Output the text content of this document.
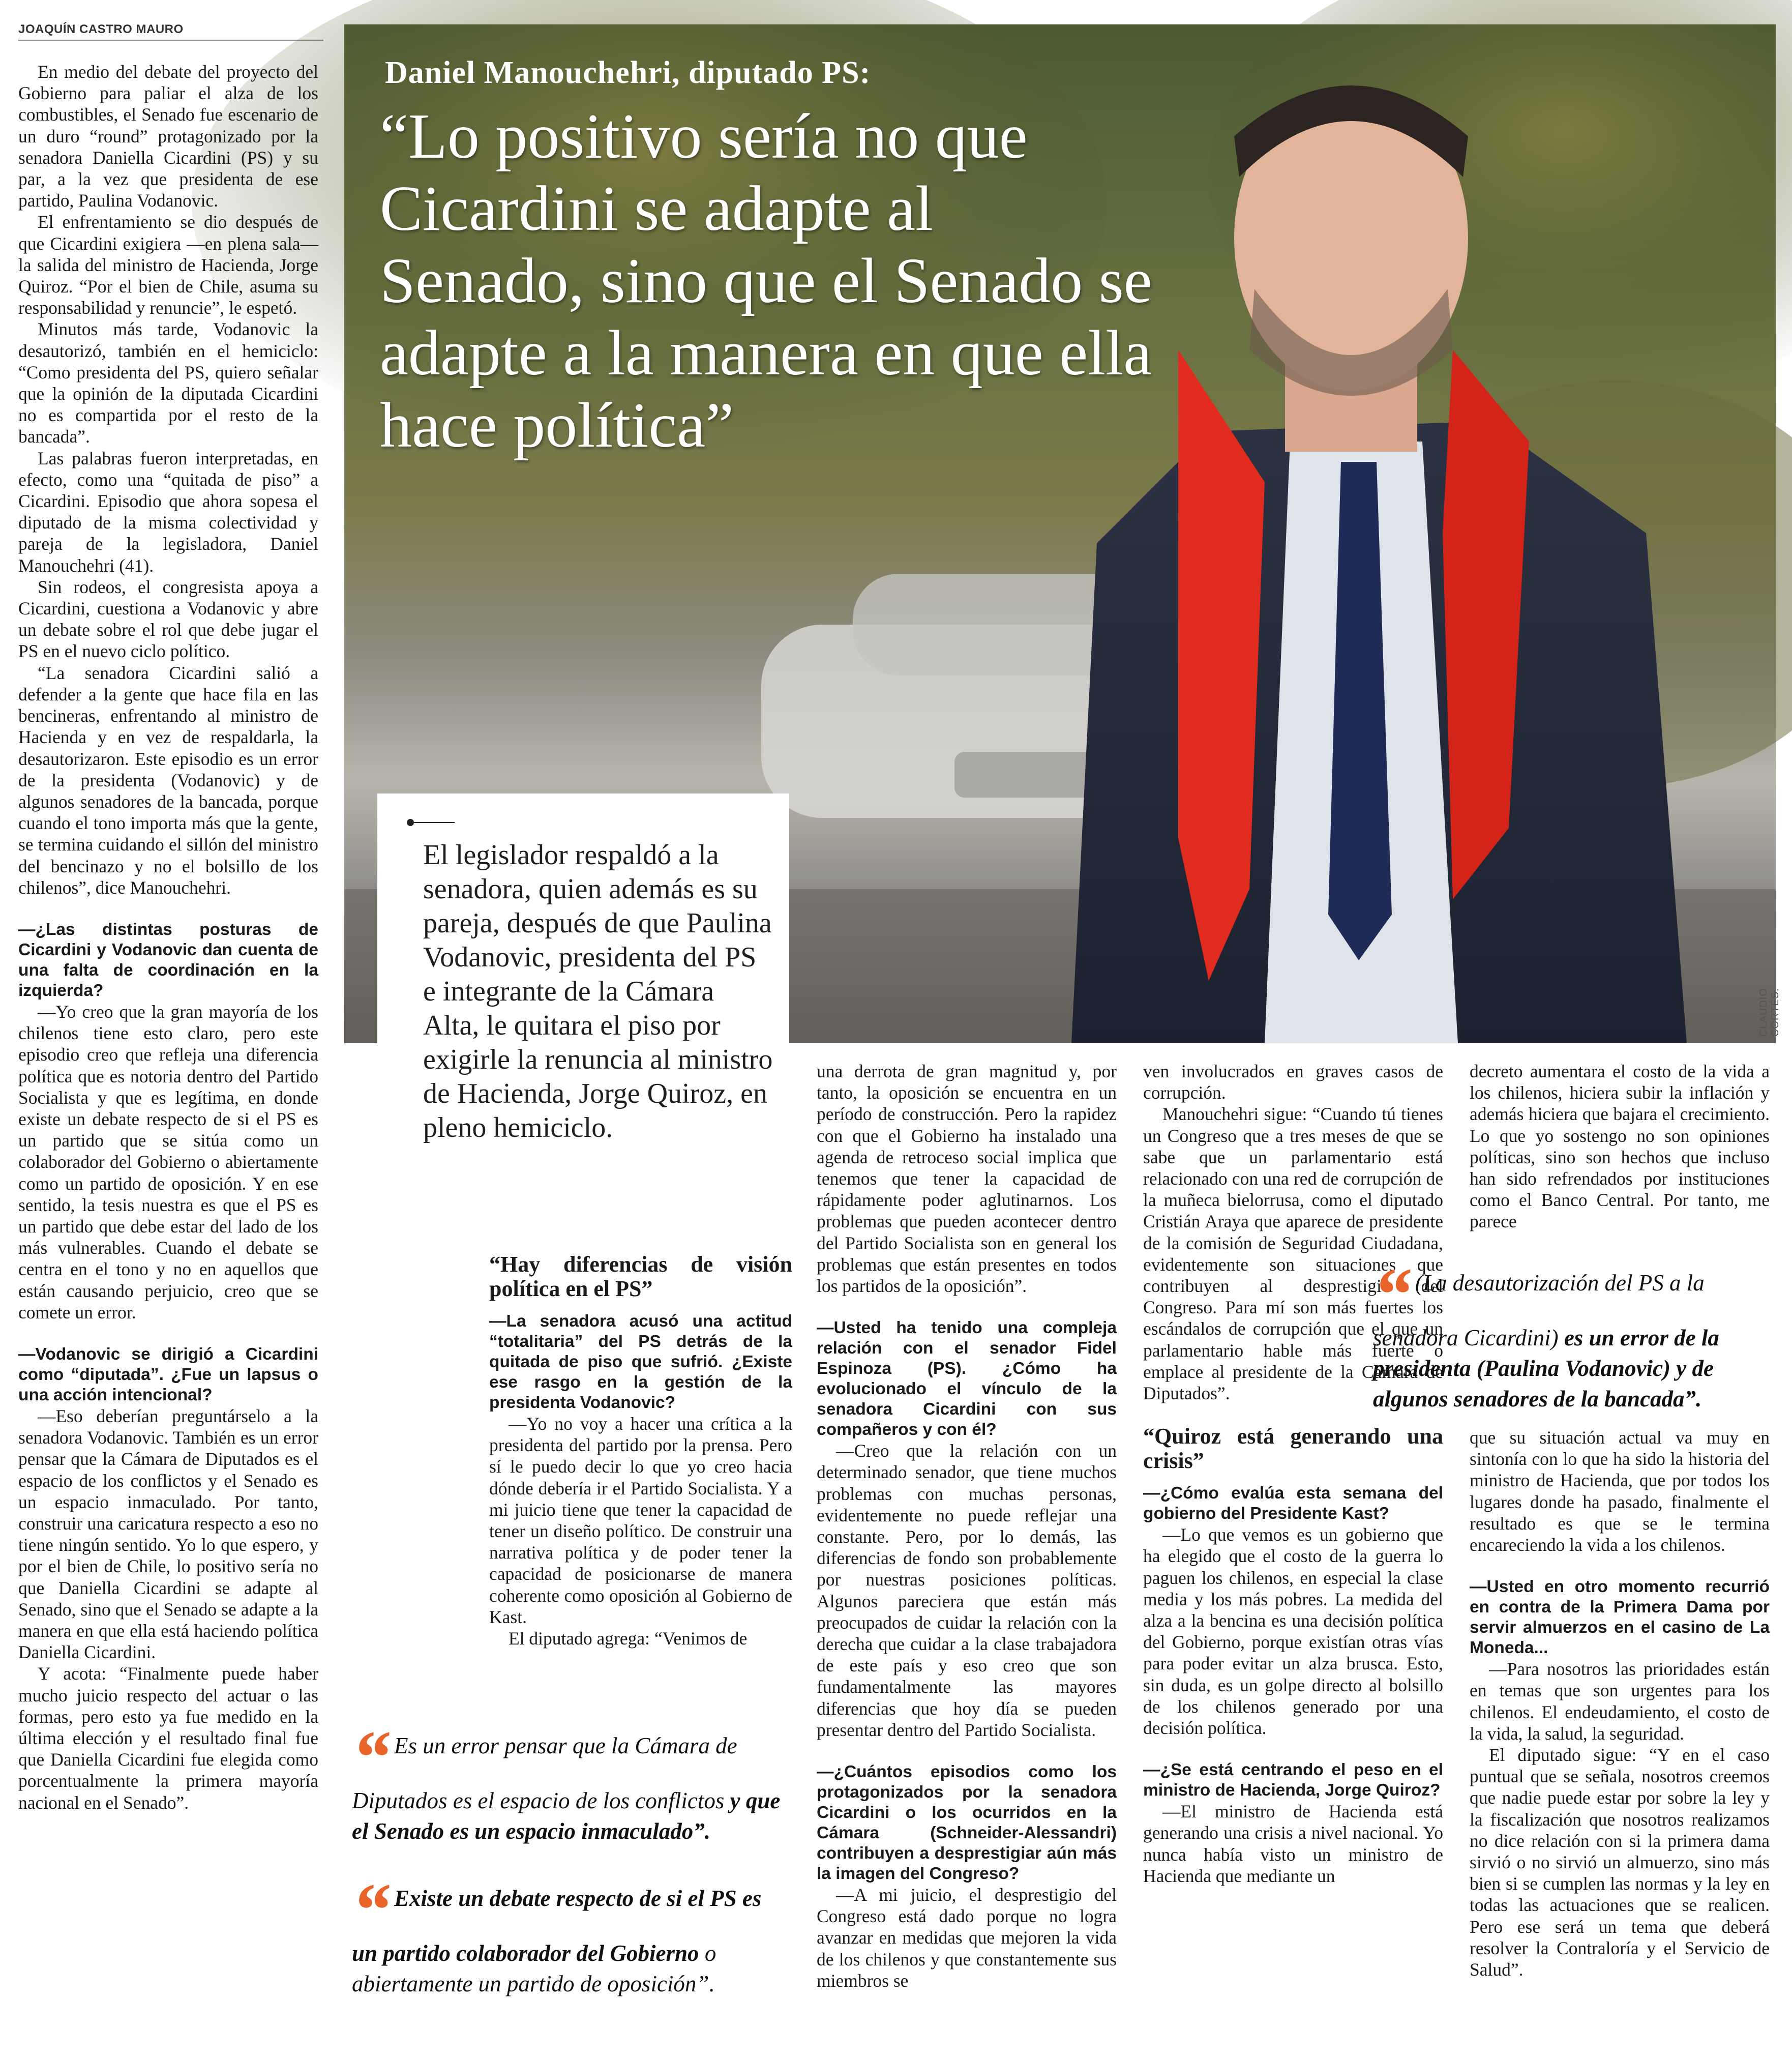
JOAQUÍN CASTRO MAURO
Daniel Manouchehri, diputado PS:
“Lo positivo sería no que Cicardini se adapte al Senado, sino que el Senado se adapte a la manera en que ella hace política”
CLAUDIO CORTÉS.
El legislador respaldó a la senadora, quien además es su pareja, después de que Paulina Vodanovic, presidenta del PS e integrante de la Cámara Alta, le quitara el piso por exigirle la renuncia al ministro de Hacienda, Jorge Quiroz, en pleno hemiciclo.

En medio del debate del proyecto del Gobierno para paliar el alza de los combustibles, el Senado fue escenario de un duro “round” protagonizado por la senadora Daniella Cicardini (PS) y su par, a la vez que presidenta de ese partido, Paulina Vodanovic.

El enfrentamiento se dio después de que Cicardini exigiera —en plena sala— la salida del ministro de Hacienda, Jorge Quiroz. “Por el bien de Chile, asuma su responsabilidad y renuncie”, le espetó.

Minutos más tarde, Vodanovic la desautorizó, también en el hemiciclo: “Como presidenta del PS, quiero señalar que la opinión de la diputada Cicardini no es compartida por el resto de la bancada”.

Las palabras fueron interpretadas, en efecto, como una “quitada de piso” a Cicardini. Episodio que ahora sopesa el diputado de la misma colectividad y pareja de la legisladora, Daniel Manouchehri (41).

Sin rodeos, el congresista apoya a Cicardini, cuestiona a Vodanovic y abre un debate sobre el rol que debe jugar el PS en el nuevo ciclo político.

“La senadora Cicardini salió a defender a la gente que hace fila en las bencineras, enfrentando al ministro de Hacienda y en vez de respaldarla, la desautorizaron. Este episodio es un error de la presidenta (Vodanovic) y de algunos senadores de la bancada, porque cuando el tono importa más que la gente, se termina cuidando el sillón del ministro del bencinazo y no el bolsillo de los chilenos”, dice Manouchehri.

—¿Las distintas posturas de Cicardini y Vodanovic dan cuenta de una falta de coordinación en la izquierda?

—Yo creo que la gran mayoría de los chilenos tiene esto claro, pero este episodio creo que refleja una diferencia política que es notoria dentro del Partido Socialista y que es legítima, en donde existe un debate respecto de si el PS es un partido que se sitúa como un colaborador del Gobierno o abiertamente como un partido de oposición. Y en ese sentido, la tesis nuestra es que el PS es un partido que debe estar del lado de los más vulnerables. Cuando el debate se centra en el tono y no en aquellos que están causando perjuicio, creo que se comete un error.

—Vodanovic se dirigió a Cicardini como “diputada”. ¿Fue un lapsus o una acción intencional?

—Eso deberían preguntárselo a la senadora Vodanovic. También es un error pensar que la Cámara de Diputados es el espacio de los conflictos y el Senado es un espacio inmaculado. Por tanto, construir una caricatura respecto a eso no tiene ningún sentido. Yo lo que espero, y por el bien de Chile, lo positivo sería no que Daniella Cicardini se adapte al Senado, sino que el Senado se adapte a la manera en que ella está haciendo política Daniella Cicardini.

Y acota: “Finalmente puede haber mucho juicio respecto del actuar o las formas, pero esto ya fue medido en la última elección y el resultado final fue que Daniella Cicardini fue elegida como porcentualmente la primera mayoría nacional en el Senado”.

“Hay diferencias de visión política en el PS”

—La senadora acusó una actitud “totalitaria” del PS detrás de la quitada de piso que sufrió. ¿Existe ese rasgo en la gestión de la presidenta Vodanovic?

—Yo no voy a hacer una crítica a la presidenta del partido por la prensa. Pero sí le puedo decir lo que yo creo hacia dónde debería ir el Partido Socialista. Y a mi juicio tiene que tener la capacidad de tener un diseño político. De construir una narrativa política y de poder tener la capacidad de posicionarse de manera coherente como oposición al Gobierno de Kast.

El diputado agrega: “Venimos de

“ Es un error pensar que la Cámara de Diputados es el espacio de los conflictos y que el Senado es un espacio inmaculado”.
“ Existe un debate respecto de si el PS es un partido colaborador del Gobierno o abiertamente un partido de oposición”.

una derrota de gran magnitud y, por tanto, la oposición se encuentra en un período de construcción. Pero la rapidez con que el Gobierno ha instalado una agenda de retroceso social implica que tenemos que tener la capacidad de rápidamente poder aglutinarnos. Los problemas que pueden acontecer dentro del Partido Socialista son en general los problemas que están presentes en todos los partidos de la oposición”.

—Usted ha tenido una compleja relación con el senador Fidel Espinoza (PS). ¿Cómo ha evolucionado el vínculo de la senadora Cicardini con sus compañeros y con él?

—Creo que la relación con un determinado senador, que tiene muchos problemas con muchas personas, evidentemente no puede reflejar una constante. Pero, por lo demás, las diferencias de fondo son probablemente por nuestras posiciones políticas. Algunos pareciera que están más preocupados de cuidar la relación con la derecha que cuidar a la clase trabajadora de este país y eso creo que son fundamentalmente las mayores diferencias que hoy día se pueden presentar dentro del Partido Socialista.

—¿Cuántos episodios como los protagonizados por la senadora Cicardini o los ocurridos en la Cámara (Schneider-Alessandri) contribuyen a desprestigiar aún más la imagen del Congreso?

—A mi juicio, el desprestigio del Congreso está dado porque no logra avanzar en medidas que mejoren la vida de los chilenos y que constantemente sus miembros se

ven involucrados en graves casos de corrupción.

Manouchehri sigue: “Cuando tú tienes un Congreso que a tres meses de que se sabe que un parlamentario está relacionado con una red de corrupción de la muñeca bielorrusa, como el diputado Cristián Araya que aparece de presidente de la comisión de Seguridad Ciudadana, evidentemente son situaciones que contribuyen al desprestigio del Congreso. Para mí son más fuertes los escándalos de corrupción que el que un parlamentario hable más fuerte o emplace al presidente de la Cámara de Diputados”.

“Quiroz está generando una crisis”

—¿Cómo evalúa esta semana del gobierno del Presidente Kast?

—Lo que vemos es un gobierno que ha elegido que el costo de la guerra lo paguen los chilenos, en especial la clase media y los más pobres. La medida del alza a la bencina es una decisión política del Gobierno, porque existían otras vías para poder evitar un alza brusca. Esto, sin duda, es un golpe directo al bolsillo de los chilenos generado por una decisión política.

—¿Se está centrando el peso en el ministro de Hacienda, Jorge Quiroz?

—El ministro de Hacienda está generando una crisis a nivel nacional. Yo nunca había visto un ministro de Hacienda que mediante un

decreto aumentara el costo de la vida a los chilenos, hiciera subir la inflación y además hiciera que bajara el crecimiento. Lo que yo sostengo no son opiniones políticas, sino son hechos que incluso han sido refrendados por instituciones como el Banco Central. Por tanto, me parece

“ (La desautorización del PS a la senadora Cicardini) es un error de la presidenta (Paulina Vodanovic) y de algunos senadores de la bancada”.

que su situación actual va muy en sintonía con lo que ha sido la historia del ministro de Hacienda, que por todos los lugares donde ha pasado, finalmente el resultado es que se le termina encareciendo la vida a los chilenos.

—Usted en otro momento recurrió en contra de la Primera Dama por servir almuerzos en el casino de La Moneda...

—Para nosotros las prioridades están en temas que son urgentes para los chilenos. El endeudamiento, el costo de la vida, la salud, la seguridad.

El diputado sigue: “Y en el caso puntual que se señala, nosotros creemos que nadie puede estar por sobre la ley y la fiscalización que nosotros realizamos no dice relación con si la primera dama sirvió o no sirvió un almuerzo, sino más bien si se cumplen las normas y la ley en todas las actuaciones que se realicen. Pero ese será un tema que deberá resolver la Contraloría y el Servicio de Salud”.
